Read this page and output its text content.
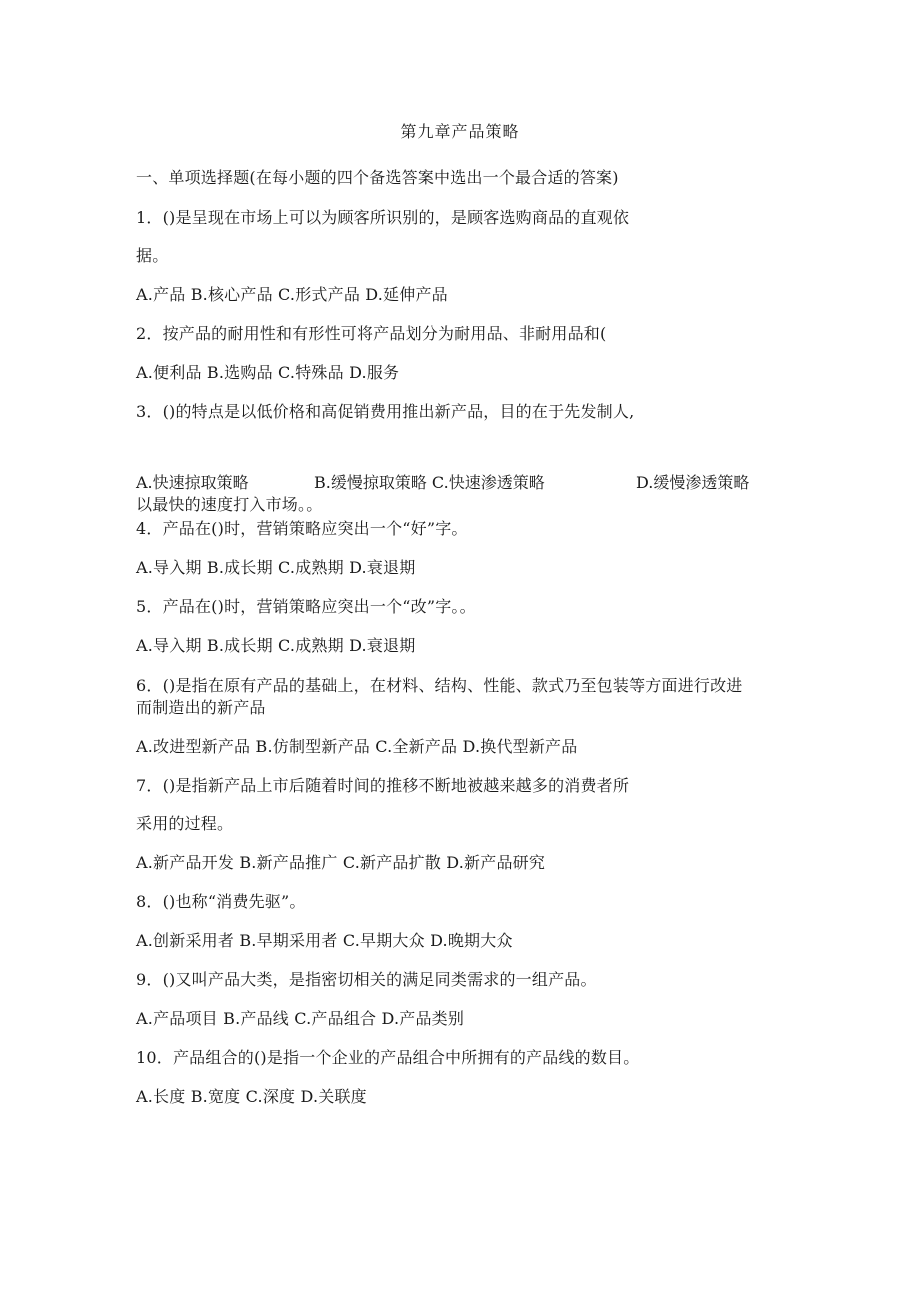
第九章产品策略
一、单项选择题(在每小题的四个备选答案中选出一个最合适的答案)
1．()是呈现在市场上可以为顾客所识别的，是顾客选购商品的直观依
据。
A.产品 B.核心产品 C.形式产品 D.延伸产品
2．按产品的耐用性和有形性可将产品划分为耐用品、非耐用品和(
A.便利品 B.选购品 C.特殊品 D.服务
3．()的特点是以低价格和高促销费用推出新产品，目的在于先发制人,
A.快速掠取策略	B.缓慢掠取策略 C.快速渗透策略	D.缓慢渗透策略
以最快的速度打入市场。。
4．产品在()时，营销策略应突出一个“好”字。
A.导入期 B.成长期 C.成熟期 D.衰退期
5．产品在()时，营销策略应突出一个“改”字。。
A.导入期 B.成长期 C.成熟期 D.衰退期
6．()是指在原有产品的基础上，在材料、结构、性能、款式乃至包装等方面进行改进
而制造出的新产品
A.改进型新产品 B.仿制型新产品 C.全新产品 D.换代型新产品
7．()是指新产品上市后随着时间的推移不断地被越来越多的消费者所
采用的过程。
A.新产品开发 B.新产品推广 C.新产品扩散 D.新产品研究
8．()也称“消费先驱”。
A.创新采用者 B.早期采用者 C.早期大众 D.晚期大众
9．()又叫产品大类，是指密切相关的满足同类需求的一组产品。
A.产品项目 B.产品线 C.产品组合 D.产品类别
10．产品组合的()是指一个企业的产品组合中所拥有的产品线的数目。
A.长度 B.宽度 C.深度 D.关联度
